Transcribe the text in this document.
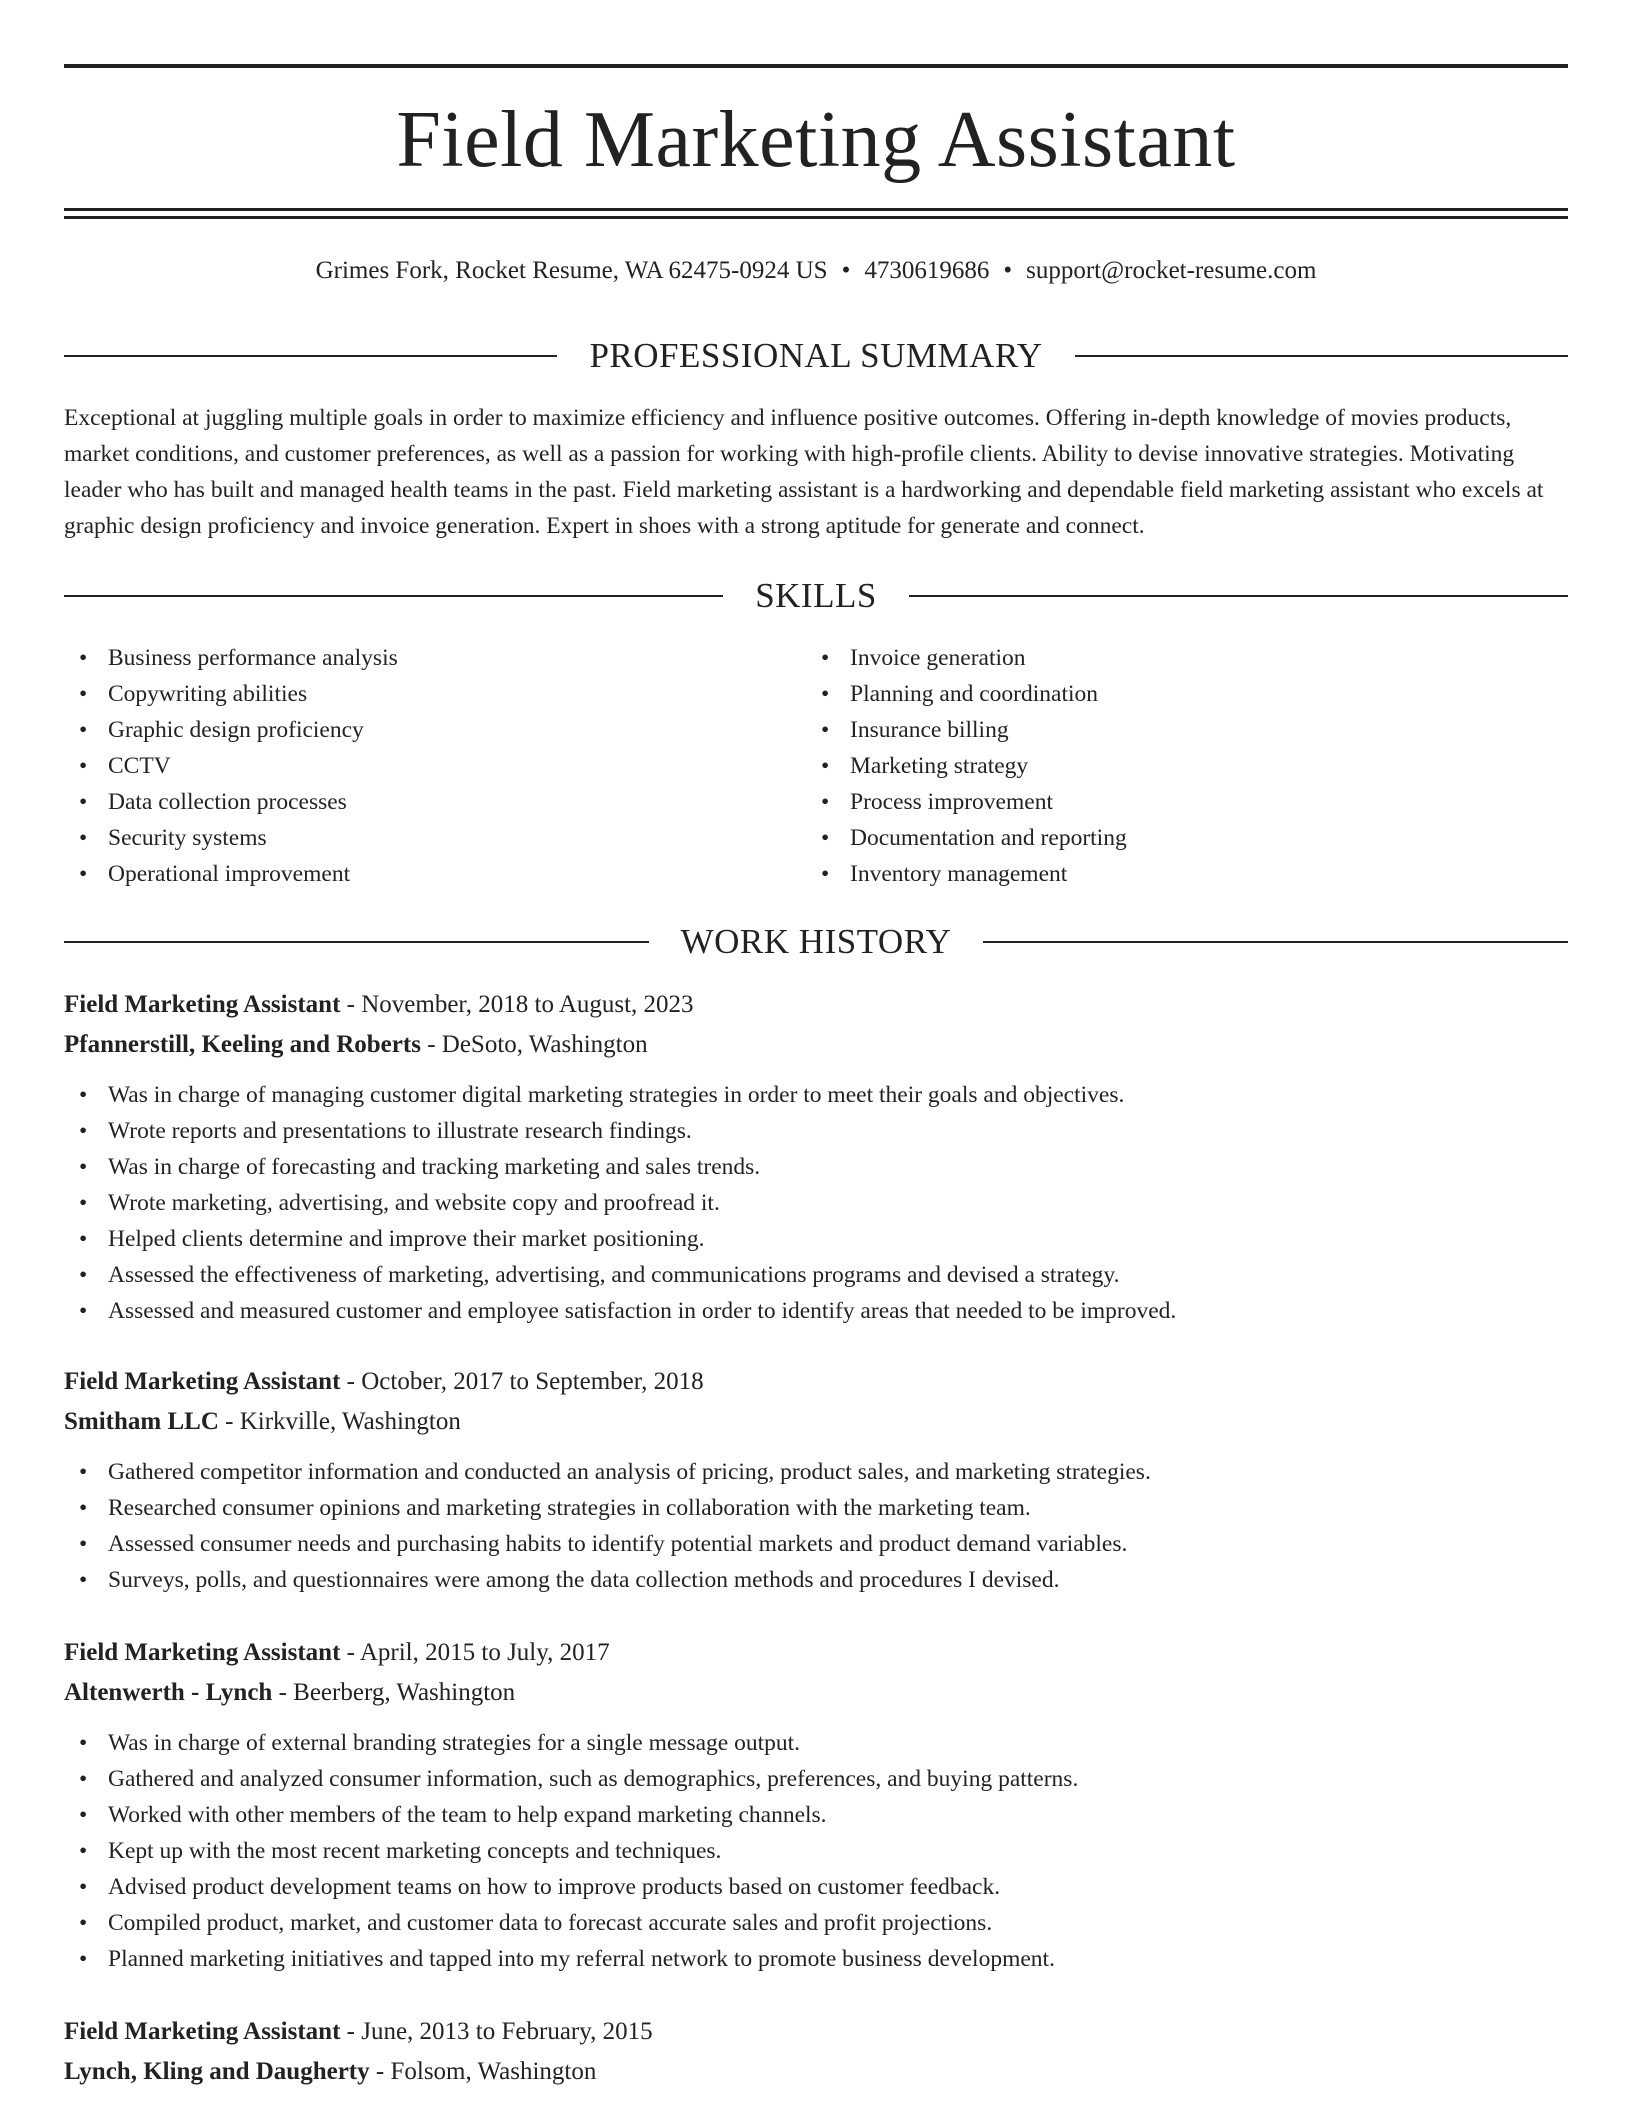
Field Marketing Assistant
Grimes Fork, Rocket Resume, WA 62475-0924 US • 4730619686 • support@rocket-resume.com
PROFESSIONAL SUMMARY

Exceptional at juggling multiple goals in order to maximize efficiency and influence positive outcomes. Offering in-depth knowledge of movies products, market conditions, and customer preferences, as well as a passion for working with high-profile clients. Ability to devise innovative strategies. Motivating leader who has built and managed health teams in the past. Field marketing assistant is a hardworking and dependable field marketing assistant who excels at graphic design proficiency and invoice generation. Expert in shoes with a strong aptitude for generate and connect.

SKILLS
• Business performance analysis
• Copywriting abilities
• Graphic design proficiency
• CCTV
• Data collection processes
• Security systems
• Operational improvement
• Invoice generation
• Planning and coordination
• Insurance billing
• Marketing strategy
• Process improvement
• Documentation and reporting
• Inventory management
WORK HISTORY
Field Marketing Assistant - November, 2018 to August, 2023
Pfannerstill, Keeling and Roberts - DeSoto, Washington
• Was in charge of managing customer digital marketing strategies in order to meet their goals and objectives.
• Wrote reports and presentations to illustrate research findings.
• Was in charge of forecasting and tracking marketing and sales trends.
• Wrote marketing, advertising, and website copy and proofread it.
• Helped clients determine and improve their market positioning.
• Assessed the effectiveness of marketing, advertising, and communications programs and devised a strategy.
• Assessed and measured customer and employee satisfaction in order to identify areas that needed to be improved.
Field Marketing Assistant - October, 2017 to September, 2018
Smitham LLC - Kirkville, Washington
• Gathered competitor information and conducted an analysis of pricing, product sales, and marketing strategies.
• Researched consumer opinions and marketing strategies in collaboration with the marketing team.
• Assessed consumer needs and purchasing habits to identify potential markets and product demand variables.
• Surveys, polls, and questionnaires were among the data collection methods and procedures I devised.
Field Marketing Assistant - April, 2015 to July, 2017
Altenwerth - Lynch - Beerberg, Washington
• Was in charge of external branding strategies for a single message output.
• Gathered and analyzed consumer information, such as demographics, preferences, and buying patterns.
• Worked with other members of the team to help expand marketing channels.
• Kept up with the most recent marketing concepts and techniques.
• Advised product development teams on how to improve products based on customer feedback.
• Compiled product, market, and customer data to forecast accurate sales and profit projections.
• Planned marketing initiatives and tapped into my referral network to promote business development.
Field Marketing Assistant - June, 2013 to February, 2015
Lynch, Kling and Daugherty - Folsom, Washington
